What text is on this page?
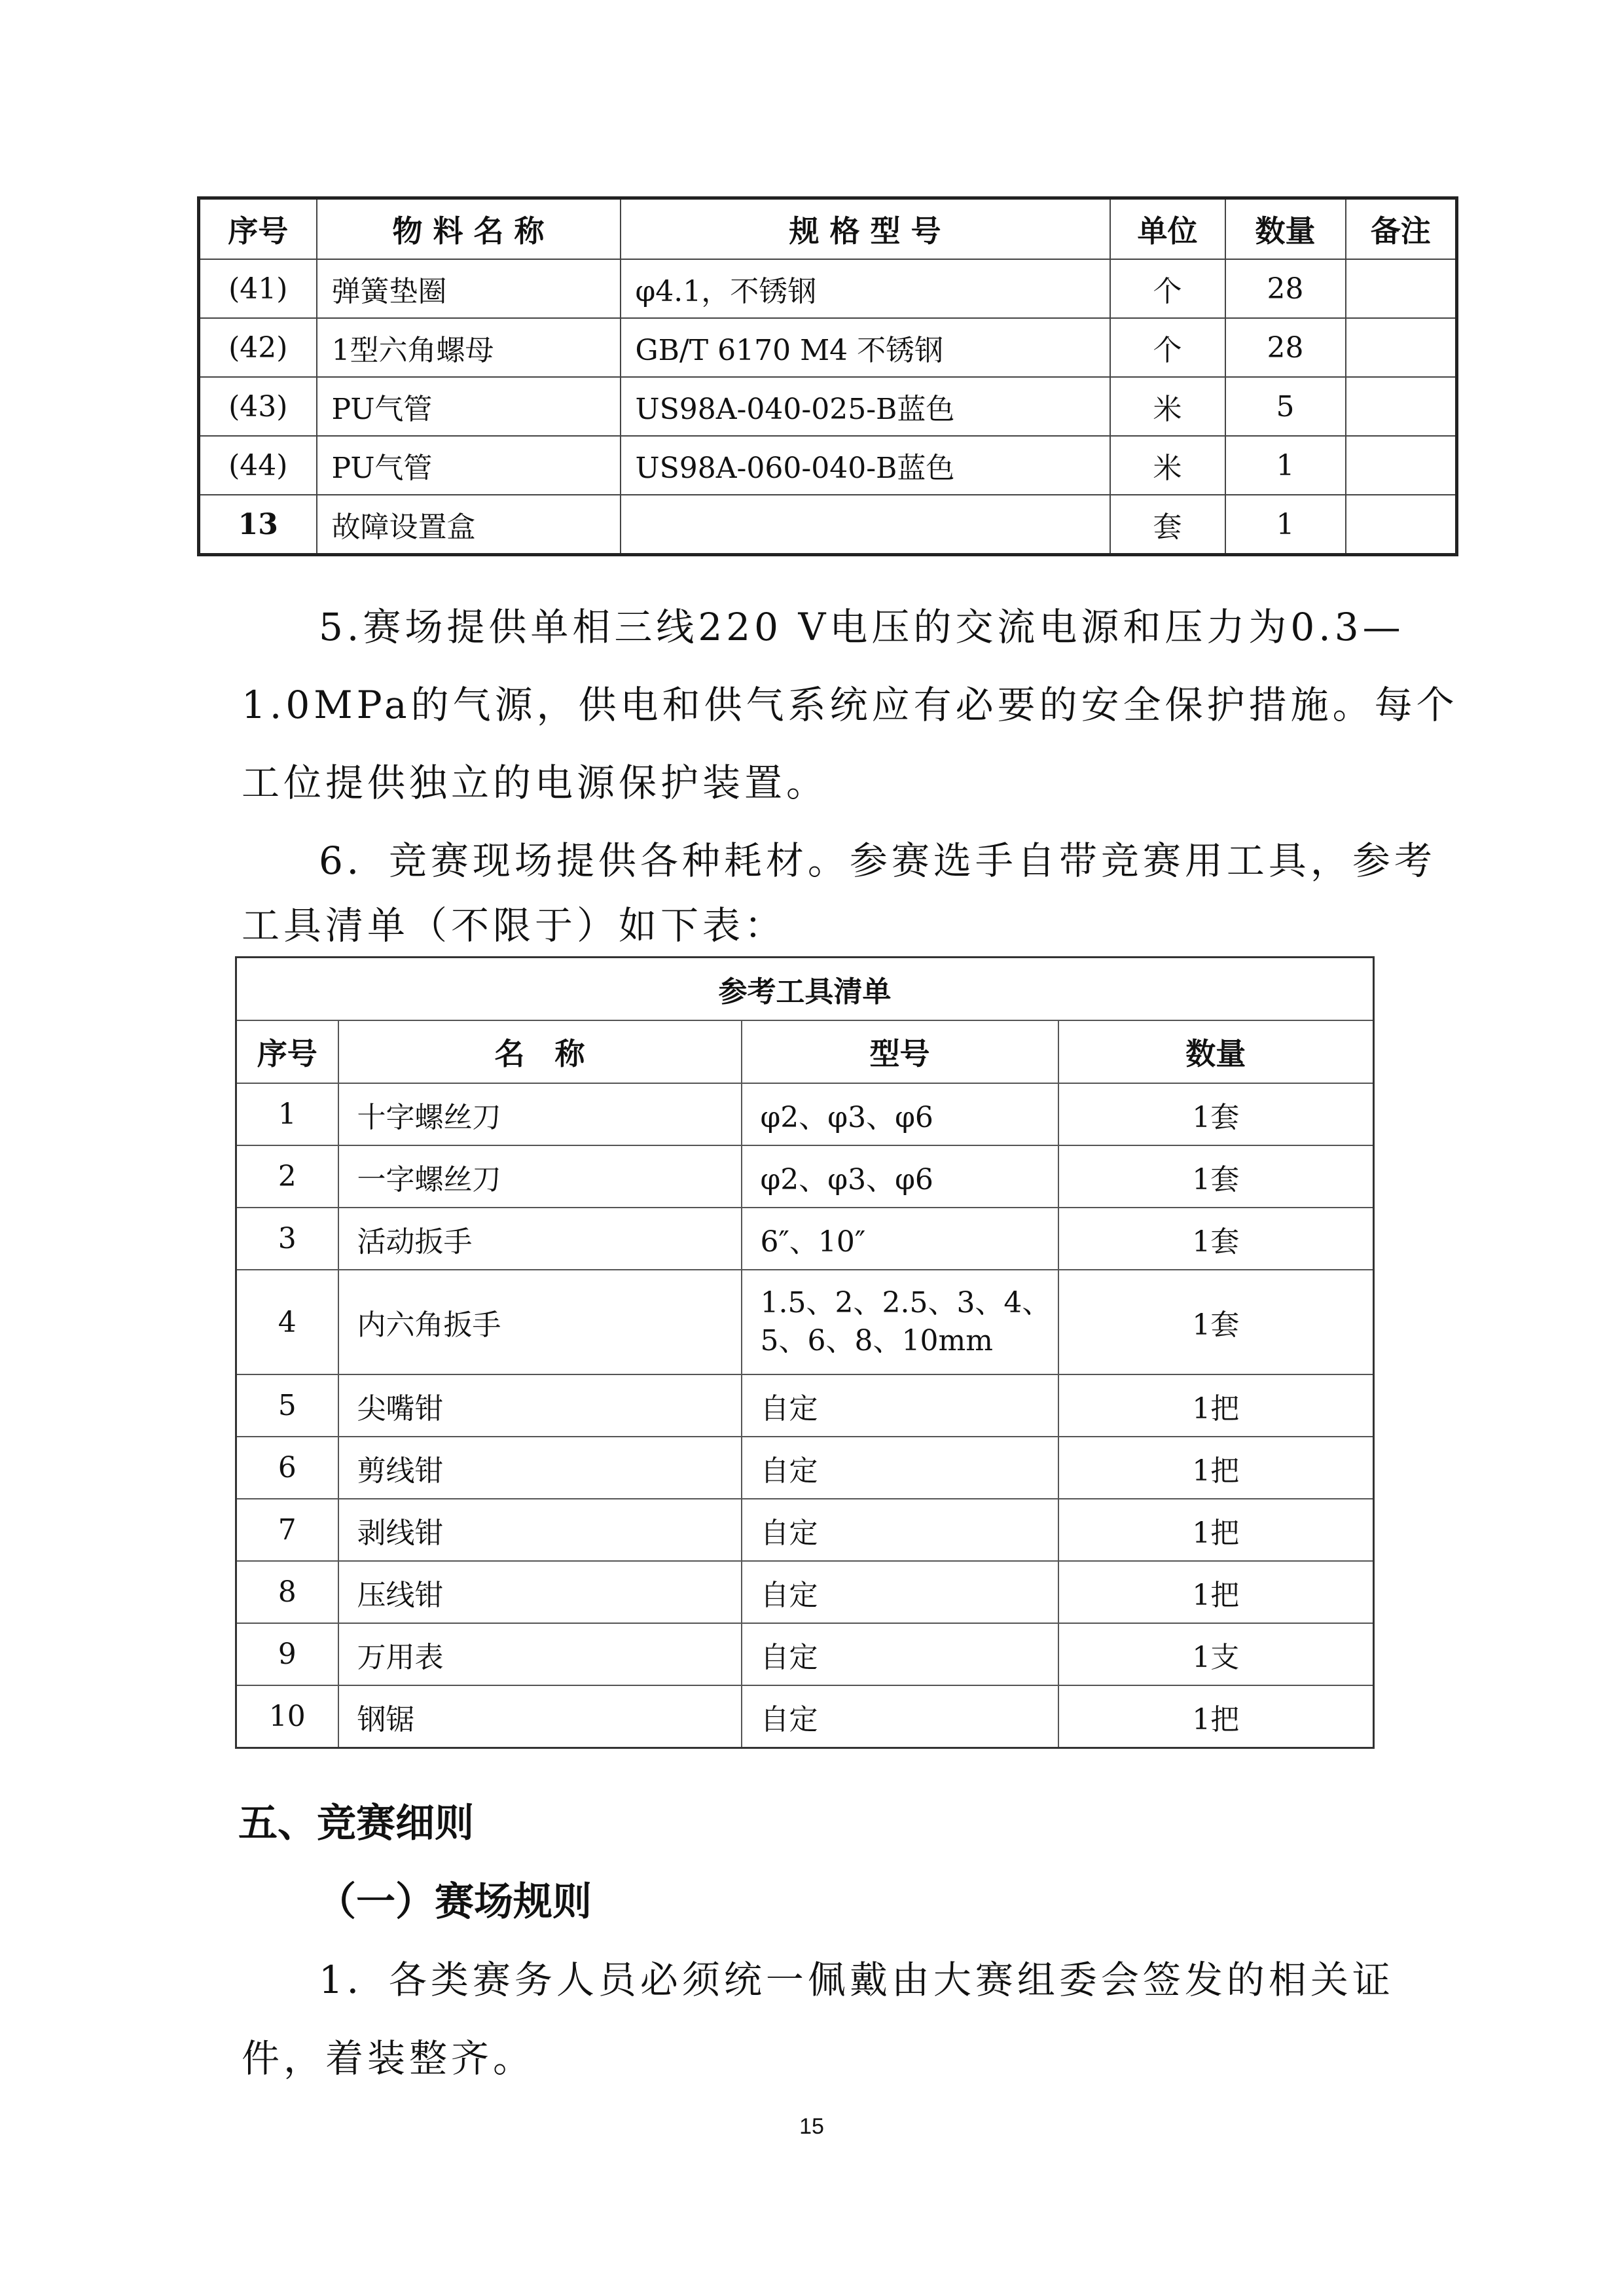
序号	物 料 名 称	规 格 型 号	单位	数量	备注
(41)	弹簧垫圈	φ4.1，不锈钢	个	28	
(42)	1型六角螺母	GB/T 6170 M4 不锈钢	个	28	
(43)	PU气管	US98A-040-025-B蓝色	米	5	
(44)	PU气管	US98A-060-040-B蓝色	米	1	
13	故障设置盒		套	1	
5.赛场提供单相三线220 V电压的交流电源和压力为0.3—
1.0MPa的气源，供电和供气系统应有必要的安全保护措施。每个
工位提供独立的电源保护装置。
6．竞赛现场提供各种耗材。参赛选手自带竞赛用工具，参考
工具清单（不限于）如下表：
参考工具清单			
序号	名　称	型号	数量
1	十字螺丝刀	φ2、φ3、φ6	1套
2	一字螺丝刀	φ2、φ3、φ6	1套
3	活动扳手	6″、10″	1套
4	内六角扳手	1.5、2、2.5、3、4、
5、6、8、10mm	1套
5	尖嘴钳	自定	1把
6	剪线钳	自定	1把
7	剥线钳	自定	1把
8	压线钳	自定	1把
9	万用表	自定	1支
10	钢锯	自定	1把
五、竞赛细则
（一）赛场规则
1．各类赛务人员必须统一佩戴由大赛组委会签发的相关证
件，着装整齐。
15
